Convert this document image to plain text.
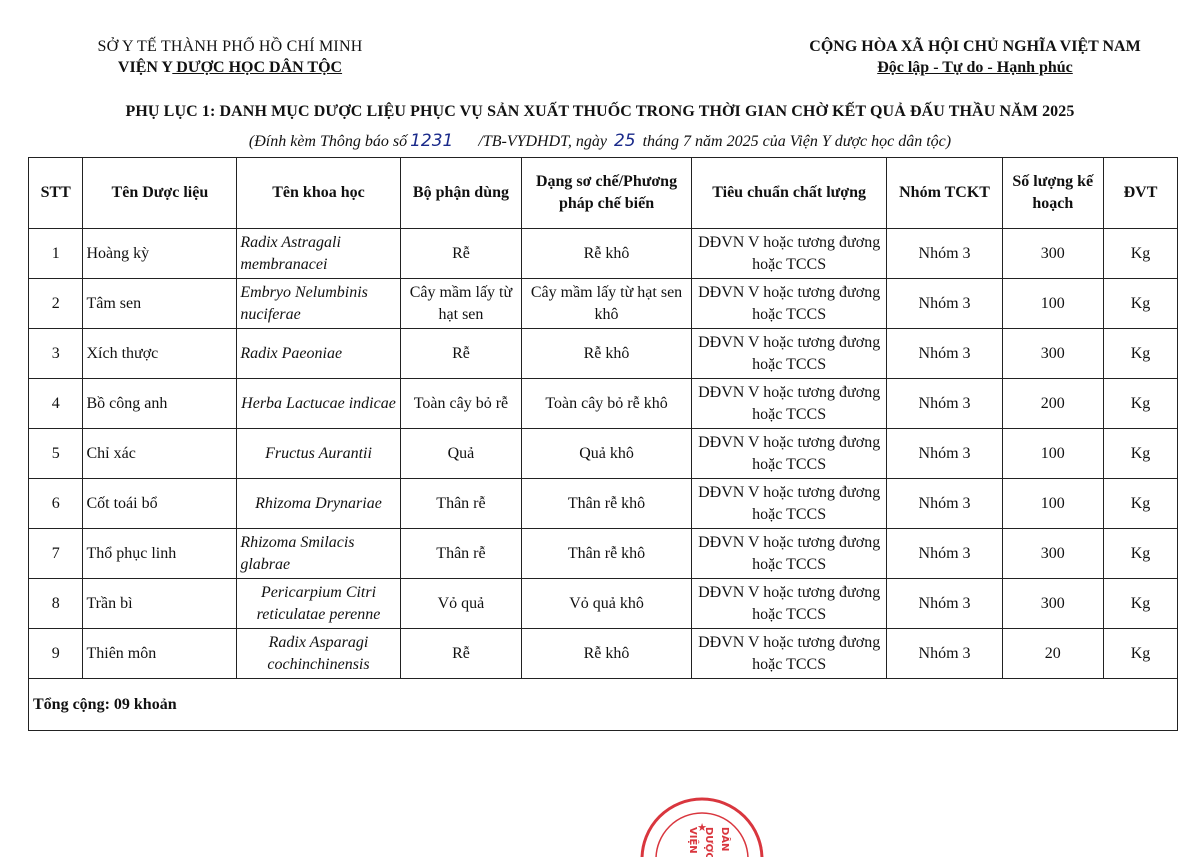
SỞ Y TẾ THÀNH PHỐ HỒ CHÍ MINH
VIỆN Y DƯỢC HỌC DÂN TỘC
CỘNG HÒA XÃ HỘI CHỦ NGHĨA VIỆT NAM
Độc lập - Tự do - Hạnh phúc
PHỤ LỤC 1: DANH MỤC DƯỢC LIỆU PHỤC VỤ SẢN XUẤT THUỐC TRONG THỜI GIAN CHỜ KẾT QUẢ ĐẤU THẦU NĂM 2025
(Đính kèm Thông báo số 1231 /TB-VYDHDT, ngày 25 tháng 7 năm 2025 của Viện Y dược học dân tộc)
STT	Tên Dược liệu	Tên khoa học	Bộ phận dùng	Dạng sơ chế/Phương pháp chế biến	Tiêu chuẩn chất lượng	Nhóm TCKT	Số lượng kế hoạch	ĐVT
1	Hoàng kỳ	Radix Astragali membranacei	Rễ	Rễ khô	DĐVN V hoặc tương đương hoặc TCCS	Nhóm 3	300	Kg
2	Tâm sen	Embryo Nelumbinis nuciferae	Cây mầm lấy từ hạt sen	Cây mầm lấy từ hạt sen khô	DĐVN V hoặc tương đương hoặc TCCS	Nhóm 3	100	Kg
3	Xích thược	Radix Paeoniae	Rễ	Rễ khô	DĐVN V hoặc tương đương hoặc TCCS	Nhóm 3	300	Kg
4	Bồ công anh	Herba Lactucae indicae	Toàn cây bỏ rễ	Toàn cây bỏ rễ khô	DĐVN V hoặc tương đương hoặc TCCS	Nhóm 3	200	Kg
5	Chỉ xác	Fructus Aurantii	Quả	Quả khô	DĐVN V hoặc tương đương hoặc TCCS	Nhóm 3	100	Kg
6	Cốt toái bổ	Rhizoma Drynariae	Thân rễ	Thân rễ khô	DĐVN V hoặc tương đương hoặc TCCS	Nhóm 3	100	Kg
7	Thổ phục linh	Rhizoma Smilacis glabrae	Thân rễ	Thân rễ khô	DĐVN V hoặc tương đương hoặc TCCS	Nhóm 3	300	Kg
8	Trần bì	Pericarpium Citri reticulatae perenne	Vỏ quả	Vỏ quả khô	DĐVN V hoặc tương đương hoặc TCCS	Nhóm 3	300	Kg
9	Thiên môn	Radix Asparagi cochinchinensis	Rễ	Rễ khô	DĐVN V hoặc tương đương hoặc TCCS	Nhóm 3	20	Kg
Tổng cộng: 09 khoản								
★
VIỆN DƯỢC DÂN
